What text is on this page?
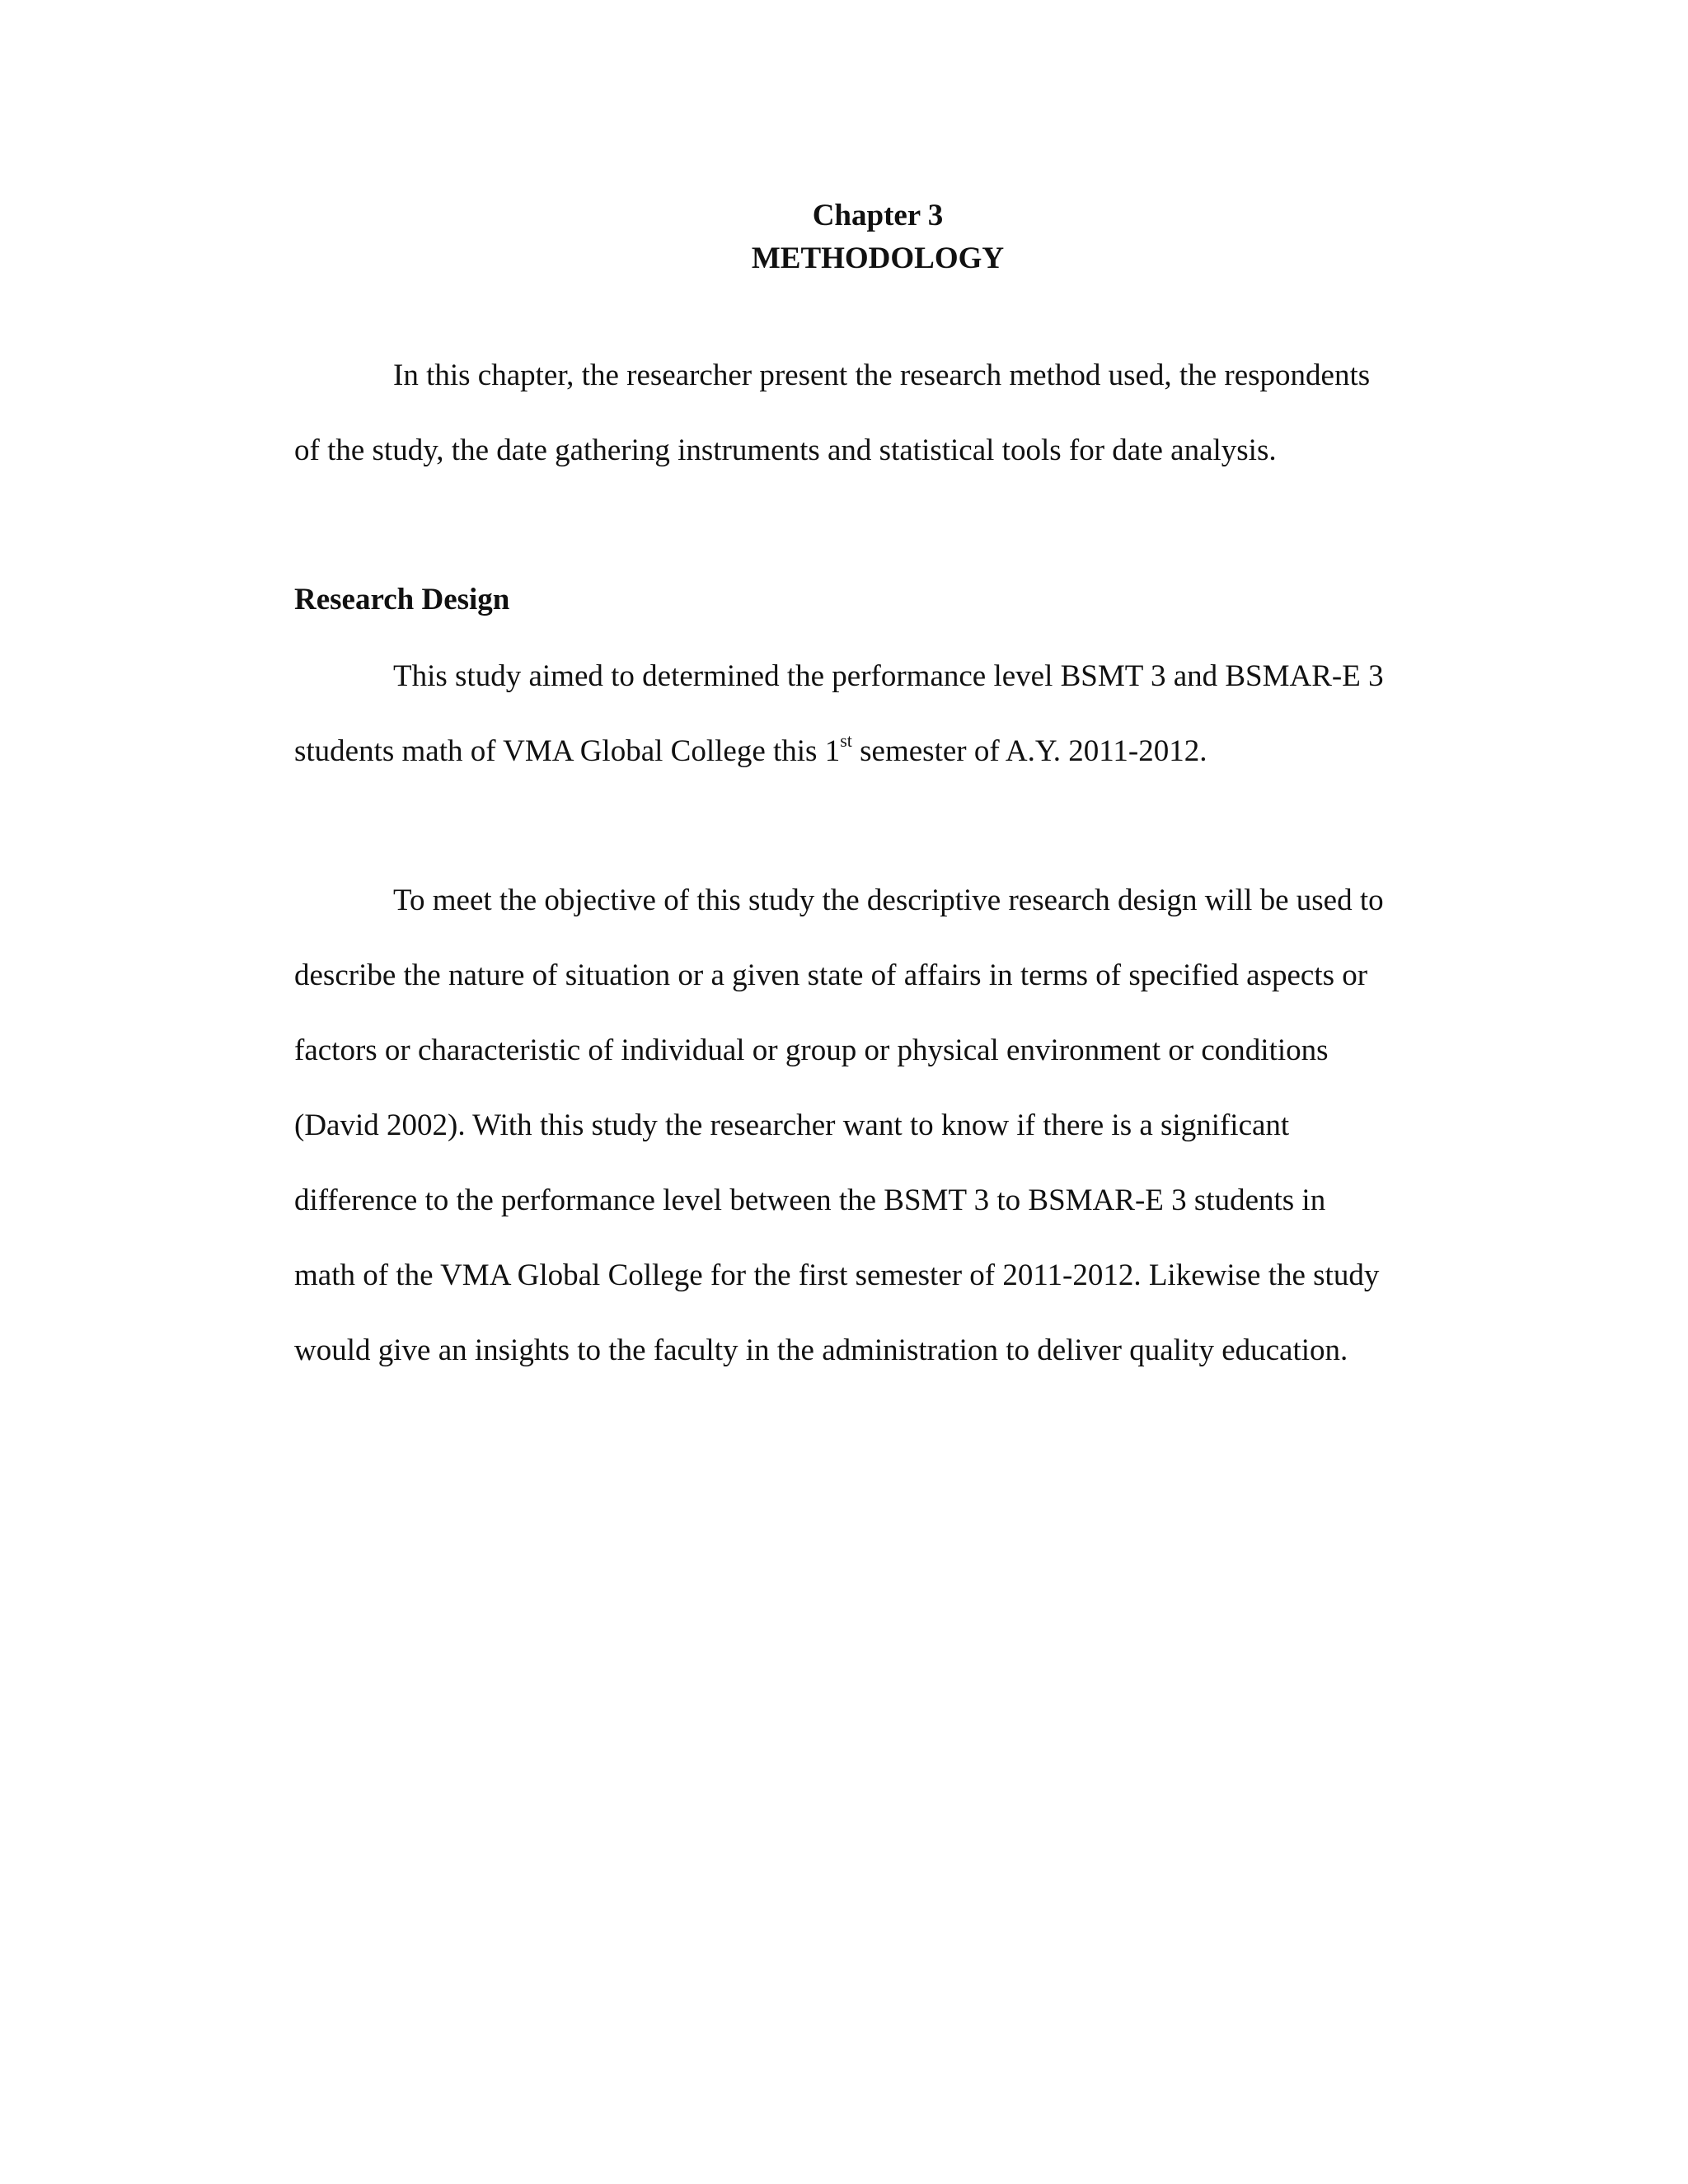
Chapter 3
METHODOLOGY

In this chapter, the researcher present the research method used, the respondents
of the study, the date gathering instruments and statistical tools for date analysis.

Research Design

This study aimed to determined the performance level BSMT 3 and BSMAR-E 3
students math of VMA Global College this 1st semester of A.Y. 2011-2012.

To meet the objective of this study the descriptive research design will be used to
describe the nature of situation or a given state of affairs in terms of specified aspects or
factors or characteristic of individual or group or physical environment or conditions
(David 2002). With this study the researcher want to know if there is a significant
difference to the performance level between the BSMT 3 to BSMAR-E 3 students in
math of the VMA Global College for the first semester of 2011-2012. Likewise the study
would give an insights to the faculty in the administration to deliver quality education.
